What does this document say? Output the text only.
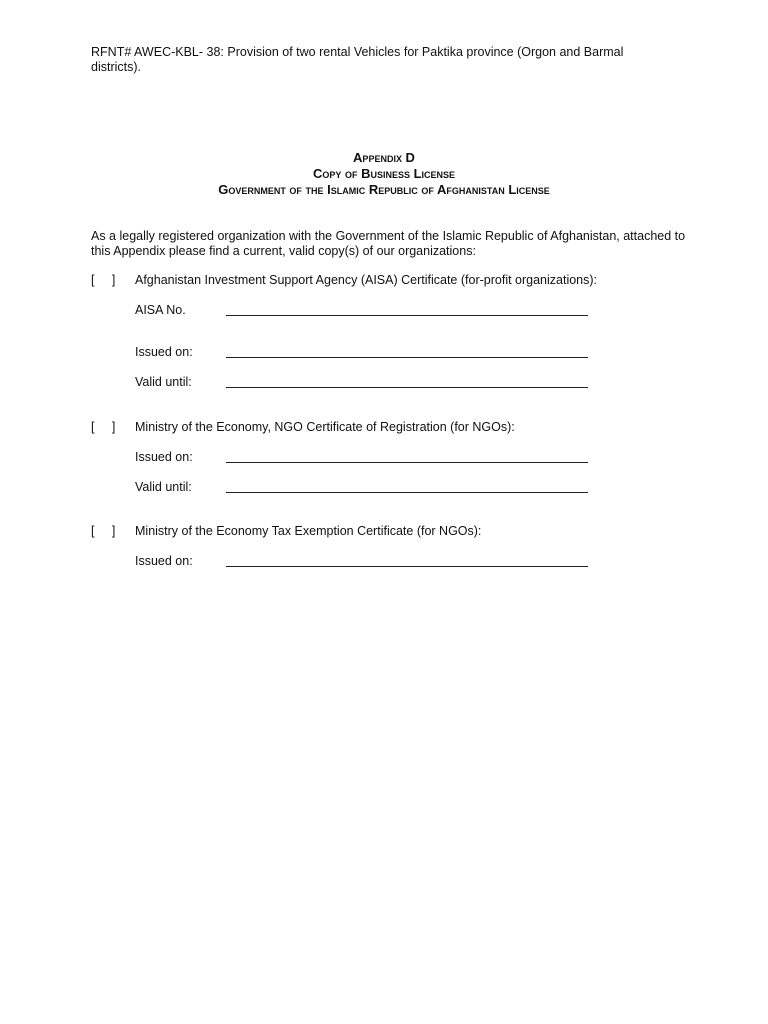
RFNT# AWEC-KBL- 38: Provision of two rental Vehicles for Paktika province (Orgon and Barmal districts).
Appendix D
Copy of Business License
Government of the Islamic Republic of Afghanistan License
As a legally registered organization with the Government of the Islamic Republic of Afghanistan, attached to this Appendix please find a current, valid copy(s) of our organizations:
[     ] Afghanistan Investment Support Agency (AISA) Certificate (for-profit organizations):
AISA No.
Issued on:
Valid until:
[     ] Ministry of the Economy, NGO Certificate of Registration (for NGOs):
Issued on:
Valid until:
[     ] Ministry of the Economy Tax Exemption Certificate (for NGOs):
Issued on:
